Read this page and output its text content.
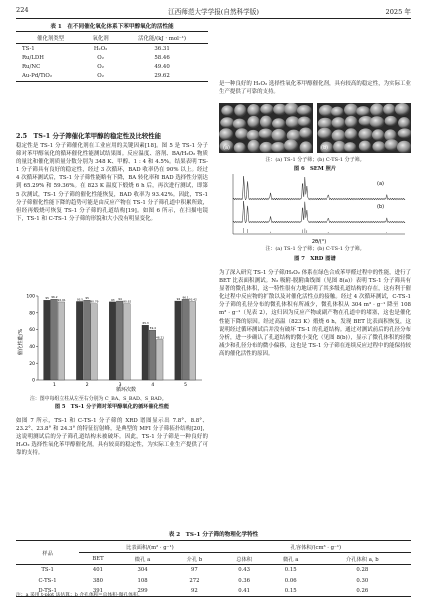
224	江西师范大学学报(自然科学版)	2025 年
表 1　在不同催化氧化体系下苯甲醇氧化的活性能
催化剂类型	氧化剂	活化能/(kJ · mol⁻¹)
TS-1	H₂O₂	36.31
Ru/LDH	O₂	58.46
Ru/NC	O₂	49.40
Au-Pd/TiO₂	O₂	29.62
2.5　TS-1 分子筛催化苯甲醇的稳定性及比较性能
稳定性是 TS-1 分子筛催化剂在工业应用的关键因素[18]。图 5 是 TS-1 分子筛对苯甲醇氧化的循环催化性能测试结果图。反应温度、溶剂、BA/H₂O₂ 物质的量比和催化剂质量分数分别为 348 K、甲醇、1 : 4 和 4.5%。结果表明 TS-1 分子筛具有良好的稳定性，经过 3 次循环，BAD 收率仍在 90% 以上。经过 4 次循环测试后，TS-1 分子筛性能略有下降，BA 转化率和 BAD 选择性分别达到 65.29% 和 59.36%。在 823 K 温度下煅烧 6 h 后，再次进行测试，即第 5 次测试，TS-1 分子筛的催化性能恢复，BAD 收率为 93.42%。因此，TS-1 分子筛催化性能下降的趋势可能是由反应产物在 TS-1 分子筛孔道中积累所致，但经再煅烧可恢复 TS-1 分子筛的孔道结构[19]。如图 6 所示，在扫描电镜下，TS-1 和 C-TS-1 分子筛的形貌和大小没有明显变化。
0
20
40
60
80
100
1	2	3	4	5
95 96.2
92.91	93.5 95
90.79	93 94
90.92
65.3
59.4
48.21
94 96.1
93.42
催化性能/%
循环次数
注：图中每组立柱从左至右分别为 C_BA、S_BAD、S_BAD。
图 5　TS-1 分子筛对苯甲醇氧化的循环催化性能
如图 7 所示，TS-1 和 C-TS-1 分子筛的 XRD 谱图显示出 7.8°、8.8°、23.2°、23.8° 和 24.3° 的特征衍射峰，是典型的 MFI 分子筛拓扑结构[20]，这说明测试后的分子筛孔道结构未被破坏。因此，TS-1 分子筛是一种良好的 H₂O₂ 选择性氧化苯甲醇催化剂，具有较高的稳定性，为实际工业生产提供了可靠的支持。
是一种良好的 H₂O₂ 选择性氧化苯甲醇催化剂，具有较高的稳定性，为实际工业生产提供了可靠的支持。
(a)	(b)
注：(a) TS-1 分子筛；(b) C-TS-1 分子筛。
图 6　SEM 照片
(a)
(b)
2θ/(°)
注：(a) TS-1 分子筛；(b) C-TS-1 分子筛。
图 7　XRD 图谱
为了深入研究 TS-1 分子筛/H₂O₂ 体系在绿色合成苯甲醛过程中的性能，进行了 BET 比表面积测试。N₂ 吸附-脱附曲线图（见图 8(a)）表明 TS-1 分子筛具有显著的微孔体积，这一特性很有力地证明了其多级孔道结构的存在，这有利于催化过程中反应物的扩散以及对催化活性点的接触。经过 4 次循环测试，C-TS-1 分子筛的孔径分布的微孔体积有所减少，微孔体积从 304 m³ · g⁻¹ 降至 108 m³ · g⁻¹（见表 2），这归因为反应产物或副产物在孔道中的堵塞，这也是催化性能下降的原因。经过高温（823 K）煅烧 6 h，发现 BET 比表面积恢复，这说明经过循环测试后并没有破坏 TS-1 的孔道结构。通过对测试前后的孔径分布分析，进一步确认了孔道结构的微小变化（见图 8(b)），显示了微孔体积的轻微减少和孔径分布的微小偏移，这也是 TS-1 分子筛在连续反应过程中的能保持较高的催化活性的原因。
表 2　TS-1 分子筛的物理化学特性
样品	比表面积/(m² · g⁻¹)			孔容体积/(cm³ · g⁻¹)		
	BET	微孔 a	介孔 b	总体积	微孔 a	介孔体积 a, b
TS-1	401	304	97	0.43	0.15	0.28
C-TS-1	380	108	272	0.36	0.06	0.30
D-TS-1	391	299	92	0.41	0.15	0.26
注：a 采用 t-plot 法估算；b 介孔体积=总体积-微孔体积。
